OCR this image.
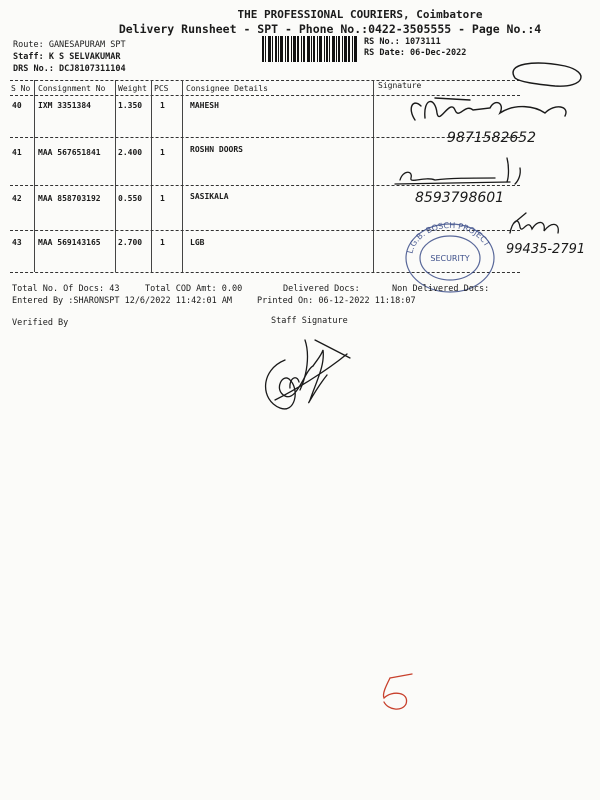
THE PROFESSIONAL COURIERS, Coimbatore
Delivery Runsheet - SPT - Phone No.:0422-3505555 - Page No.:4
Route: GANESAPURAM SPT
Staff: K S SELVAKUMAR
DRS No.: DCJ8107311104
RS No.: 1073111
RS Date: 06-Dec-2022
S No Consignment No Weight PCS Consignee Details	Signature
40 IXM 3351384	1.350 1	MAHESH
41 MAA 567651841 2.400 1	ROSHN DOORS
42 MAA 858703192 0.550 1	SASIKALA
43 MAA 569143165 2.700 1	LGB
9871582652
8593798601
L.G.B. BOSCH PROJECT
SECURITY
99435-2791
Total No. Of Docs: 43	Total COD Amt: 0.00	Delivered Docs:	Non Delivered Docs:
Entered By :SHARONSPT 12/6/2022 11:42:01 AM	Printed On: 06-12-2022 11:18:07
Verified By	Staff Signature
